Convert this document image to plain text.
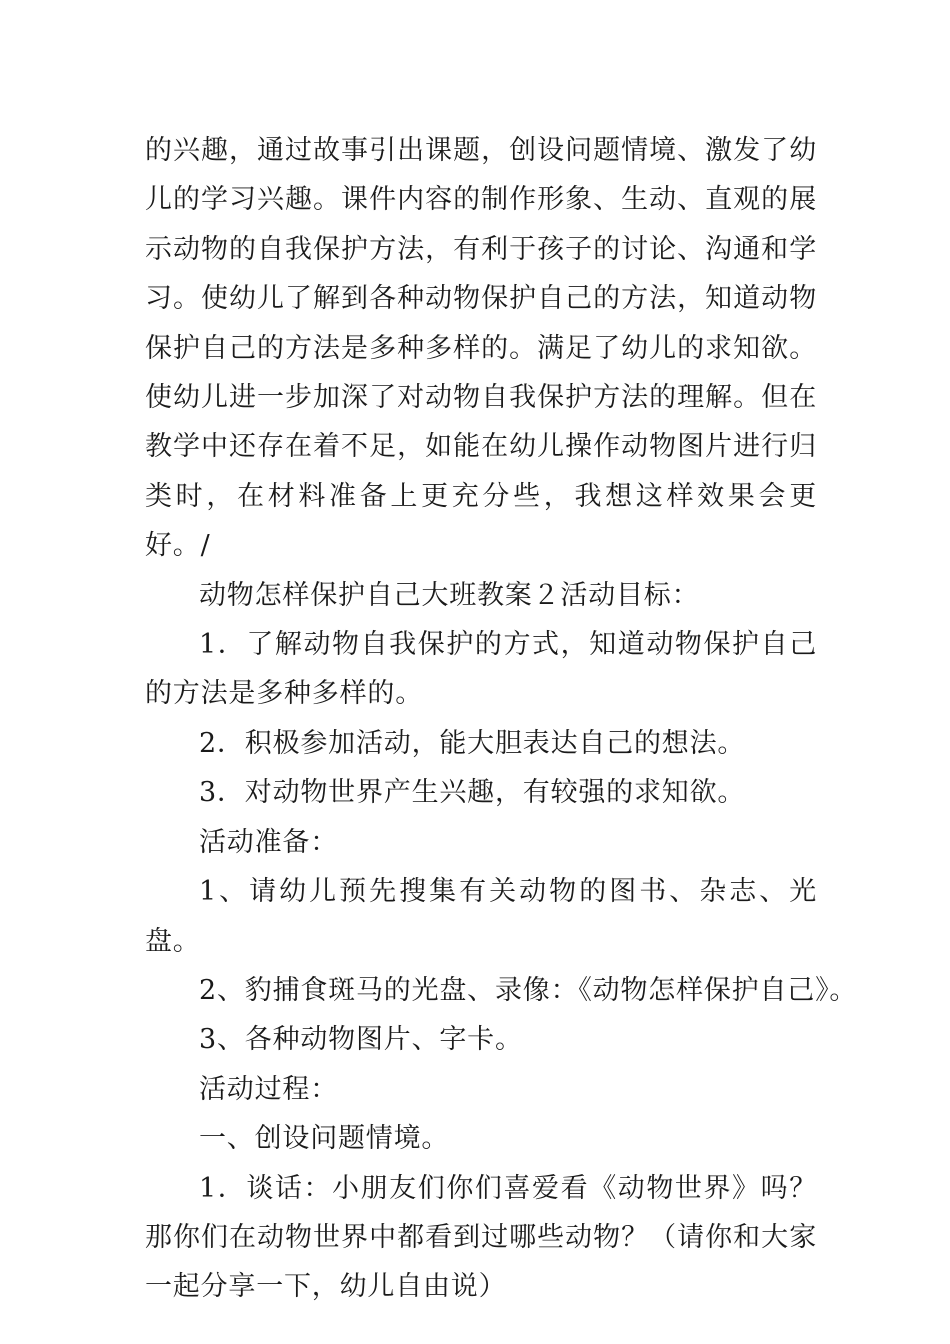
的兴趣，通过故事引出课题，创设问题情境、激发了幼儿的学习兴趣。课件内容的制作形象、生动、直观的展示动物的自我保护方法，有利于孩子的讨论、沟通和学习。使幼儿了解到各种动物保护自己的方法，知道动物保护自己的方法是多种多样的。满足了幼儿的求知欲。使幼儿进一步加深了对动物自我保护方法的理解。但在教学中还存在着不足，如能在幼儿操作动物图片进行归类时，在材料准备上更充分些，我想这样效果会更好。/

动物怎样保护自己大班教案２活动目标：

1．了解动物自我保护的方式，知道动物保护自己的方法是多种多样的。

2．积极参加活动，能大胆表达自己的想法。

3．对动物世界产生兴趣，有较强的求知欲。

活动准备：

1、请幼儿预先搜集有关动物的图书、杂志、光盘。

2、豹捕食斑马的光盘、录像：《动物怎样保护自己》。

3、各种动物图片、字卡。

活动过程：

一、创设问题情境。

1．谈话：小朋友们你们喜爱看《动物世界》吗？那你们在动物世界中都看到过哪些动物？（请你和大家一起分享一下，幼儿自由说）
